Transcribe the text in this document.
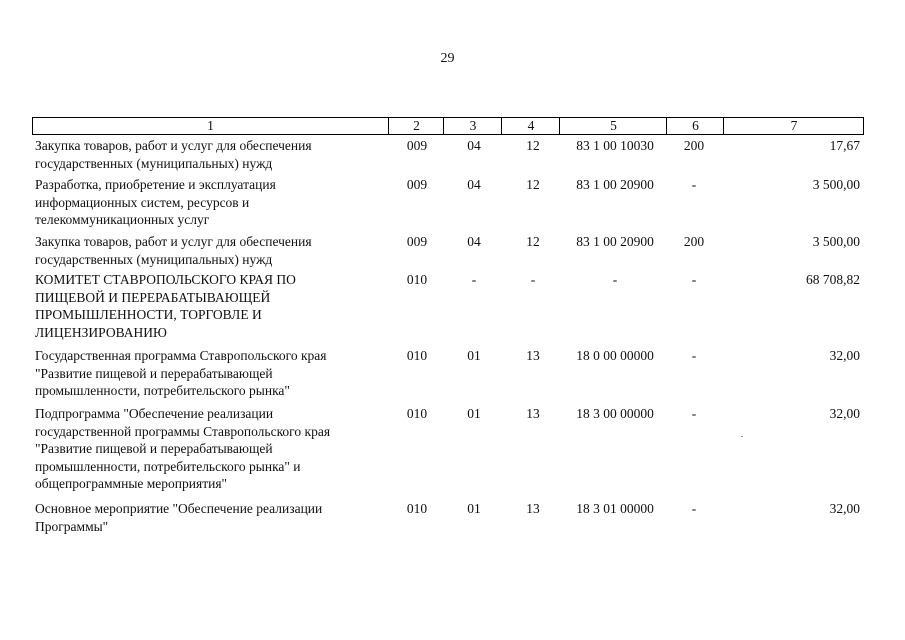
29
1	2	3	4	5	6	7
Закупка товаров, работ и услуг для обеспечения
государственных (муниципальных) нужд
009	04	12	83 1 00 10030	200	17,67
Разработка, приобретение и эксплуатация
информационных систем, ресурсов и
телекоммуникационных услуг
009	04	12	83 1 00 20900	-	3 500,00
Закупка товаров, работ и услуг для обеспечения
государственных (муниципальных) нужд
009	04	12	83 1 00 20900	200	3 500,00
КОМИТЕТ СТАВРОПОЛЬСКОГО КРАЯ ПО
ПИЩЕВОЙ И ПЕРЕРАБАТЫВАЮЩЕЙ
ПРОМЫШЛЕННОСТИ, ТОРГОВЛЕ И
ЛИЦЕНЗИРОВАНИЮ
010	-	-	-	-	68 708,82
Государственная программа Ставропольского края
"Развитие пищевой и перерабатывающей
промышленности, потребительского рынка"
010	01	13	18 0 00 00000	-	32,00
Подпрограмма "Обеспечение реализации
государственной программы Ставропольского края
"Развитие пищевой и перерабатывающей
промышленности, потребительского рынка" и
общепрограммные мероприятия"
010	01	13	18 3 00 00000	-	32,00
Основное мероприятие "Обеспечение реализации
Программы"
010	01	13	18 3 01 00000	-	32,00
